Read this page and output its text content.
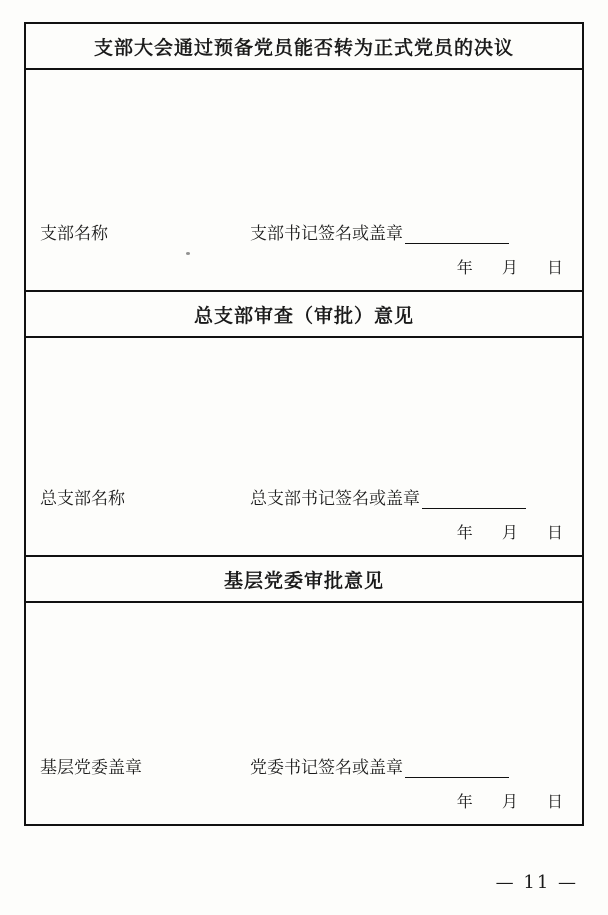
支部大会通过预备党员能否转为正式党员的决议
支部名称	支部书记签名或盖章
年 月 日
总支部审查（审批）意见
总支部名称	总支部书记签名或盖章
年 月 日
基层党委审批意见
基层党委盖章	党委书记签名或盖章
年 月 日
— 11 —
